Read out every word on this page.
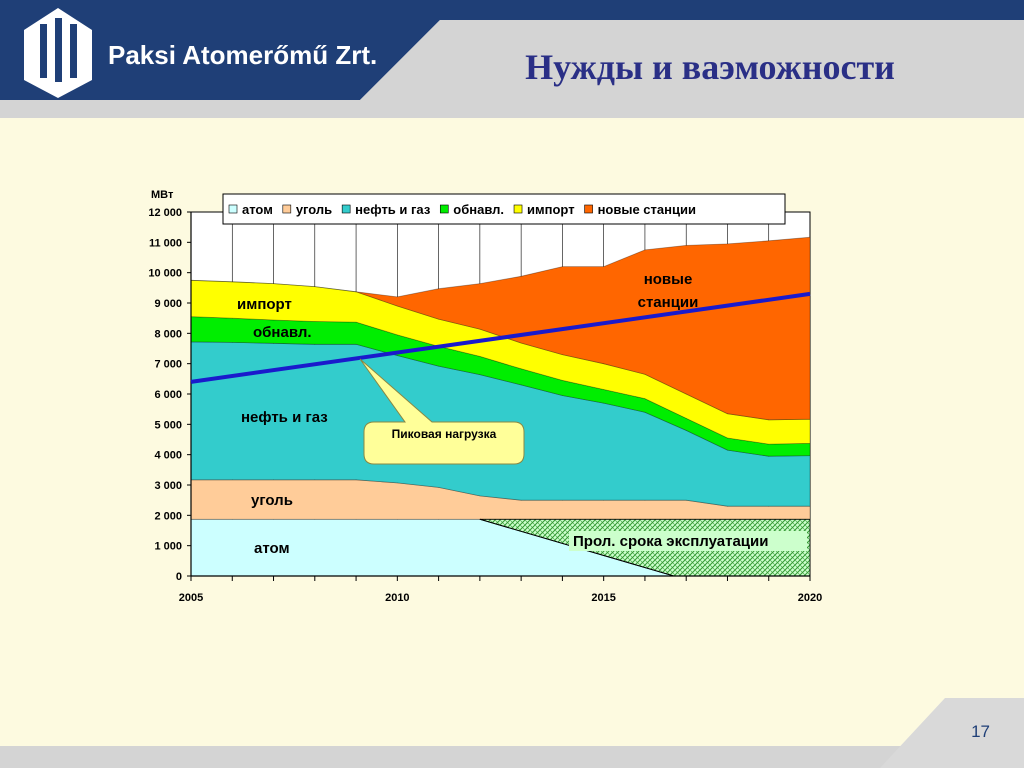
Paksi Atomerőmű Zrt.	Нужды и ваэможности
17
0
1 000
2 000
3 000
4 000
5 000
6 000
7 000
8 000
9 000
10 000
11 000
12 000
2005	2010	2015	2020
МВт
Пиковая нагрузка
Прол. срока эксплуатации
импорт
обнавл.
нефть и газ
уголь
атом
новые
станции
атом уголь нефть и газ обнавл. импорт новые станции
